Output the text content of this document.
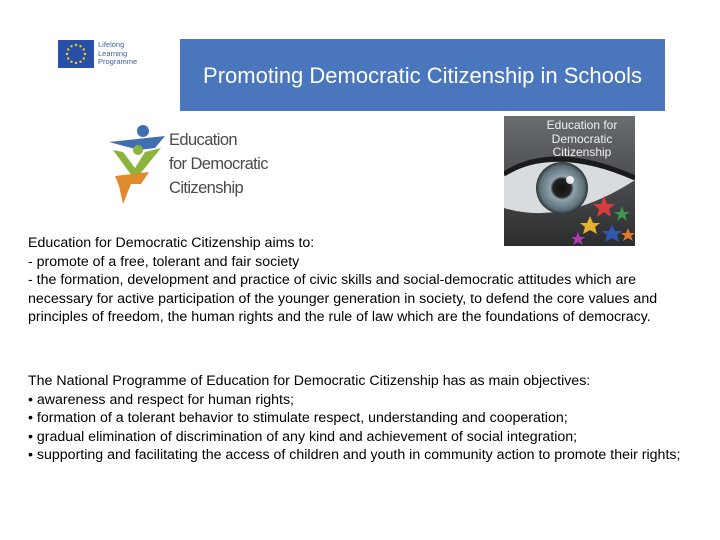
Lifelong
Learning
Programme
Promoting Democratic Citizenship in Schools
Education
for Democratic
Citizenship
Education for Democratic Citizenship
Education for Democratic Citizenship aims to:
- promote of a free, tolerant and fair society
- the formation, development and practice of civic skills and social-democratic attitudes which are necessary for active participation of the younger generation in society, to defend the core values and principles of freedom, the human rights and the rule of law which are the foundations of democracy.
The National Programme of Education for Democratic Citizenship has as main objectives:
• awareness and respect for human rights;
• formation of a tolerant behavior to stimulate respect, understanding and cooperation;
• gradual elimination of discrimination of any kind and achievement of social integration;
• supporting and facilitating the access of children and youth in community action to promote their rights;
